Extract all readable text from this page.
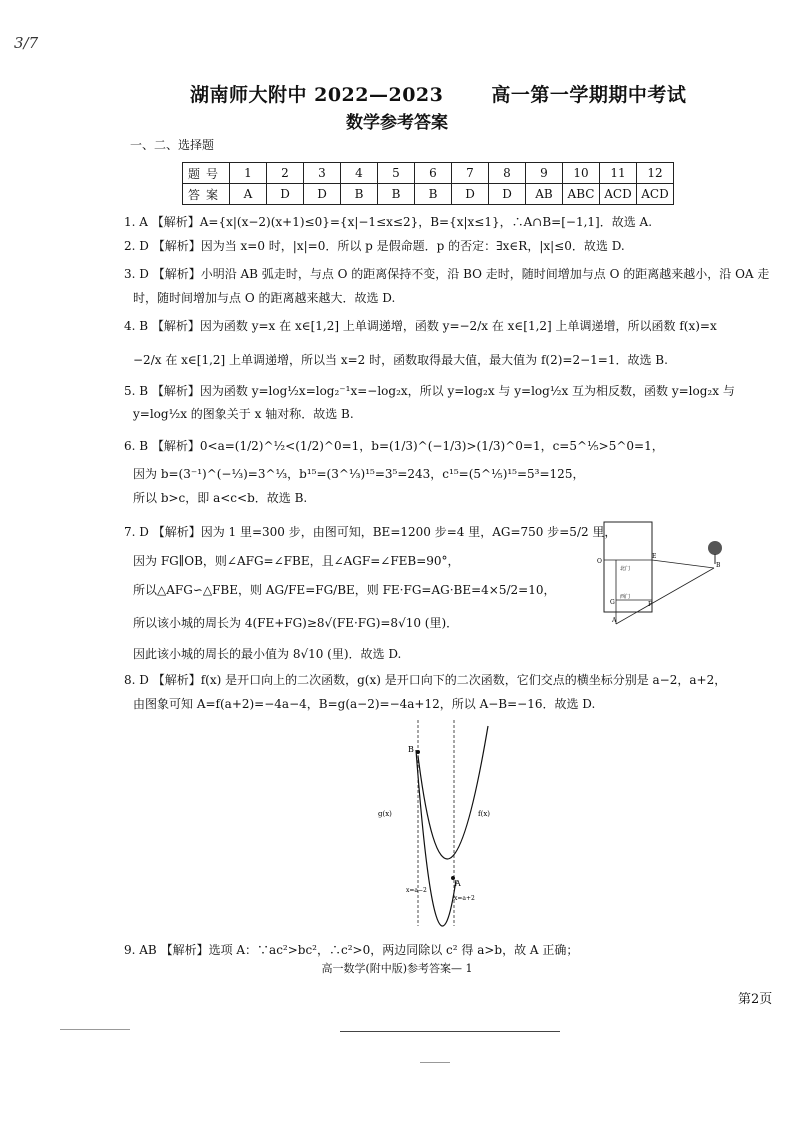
3/7
湖南师大附中 2022—2023	高一第一学期期中考试
数学参考答案
一、二、选择题
题号	1	2	3	4	5	6	7	8	9	10	11	12
答案	A	D	D	B	B	B	D	D	AB	ABC	ACD	ACD
1. A 【解析】A={x|(x−2)(x+1)≤0}={x|−1≤x≤2}，B={x|x≤1}，∴A∩B=[−1,1]．故选 A.
2. D 【解析】因为当 x=0 时，|x|=0．所以 p 是假命题．p 的否定：∃x∈R，|x|≤0．故选 D.
3. D 【解析】小明沿 AB 弧走时，与点 O 的距离保持不变，沿 BO 走时，随时间增加与点 O 的距离越来越小，沿 OA 走
时，随时间增加与点 O 的距离越来越大．故选 D.
4. B 【解析】因为函数 y=x 在 x∈[1,2] 上单调递增，函数 y=−2/x 在 x∈[1,2] 上单调递增，所以函数 f(x)=x
−2/x 在 x∈[1,2] 上单调递增，所以当 x=2 时，函数取得最大值，最大值为 f(2)=2−1=1．故选 B.
5. B 【解析】因为函数 y=log½x=log₂⁻¹x=−log₂x，所以 y=log₂x 与 y=log½x 互为相反数，函数 y=log₂x 与
y=log½x 的图象关于 x 轴对称．故选 B.
6. B 【解析】0<a=(1/2)^½<(1/2)^0=1，b=(1/3)^(−1/3)>(1/3)^0=1，c=5^⅕>5^0=1，
因为 b=(3⁻¹)^(−⅓)=3^⅓，b¹⁵=(3^⅓)¹⁵=3⁵=243，c¹⁵=(5^⅕)¹⁵=5³=125，
所以 b>c，即 a<c<b．故选 B.
7. D 【解析】因为 1 里=300 步，由图可知，BE=1200 步=4 里，AG=750 步=5/2 里，
因为 FG∥OB，则∠AFG=∠FBE，且∠AGF=∠FEB=90°，
所以△AFG∽△FBE，则 AG/FE=FG/BE，则 FE·FG=AG·BE=4×5/2=10，
所以该小城的周长为 4(FE+FG)≥8√(FE·FG)=8√10 (里)．
因此该小城的周长的最小值为 8√10 (里)．故选 D.
8. D 【解析】f(x) 是开口向上的二次函数，g(x) 是开口向下的二次函数，它们交点的横坐标分别是 a−2，a+2，
由图象可知 A=f(a+2)=−4a−4，B=g(a−2)=−4a+12，所以 A−B=−16．故选 D.
9. AB 【解析】选项 A：∵ac²>bc²，∴c²>0，两边同除以 c² 得 a>b，故 A 正确；
O
E
B
G	F
A
北门
西门
B
A
g(x)	f(x)
x=a−2
x=a+2
高一数学(附中版)参考答案— 1
第2页
